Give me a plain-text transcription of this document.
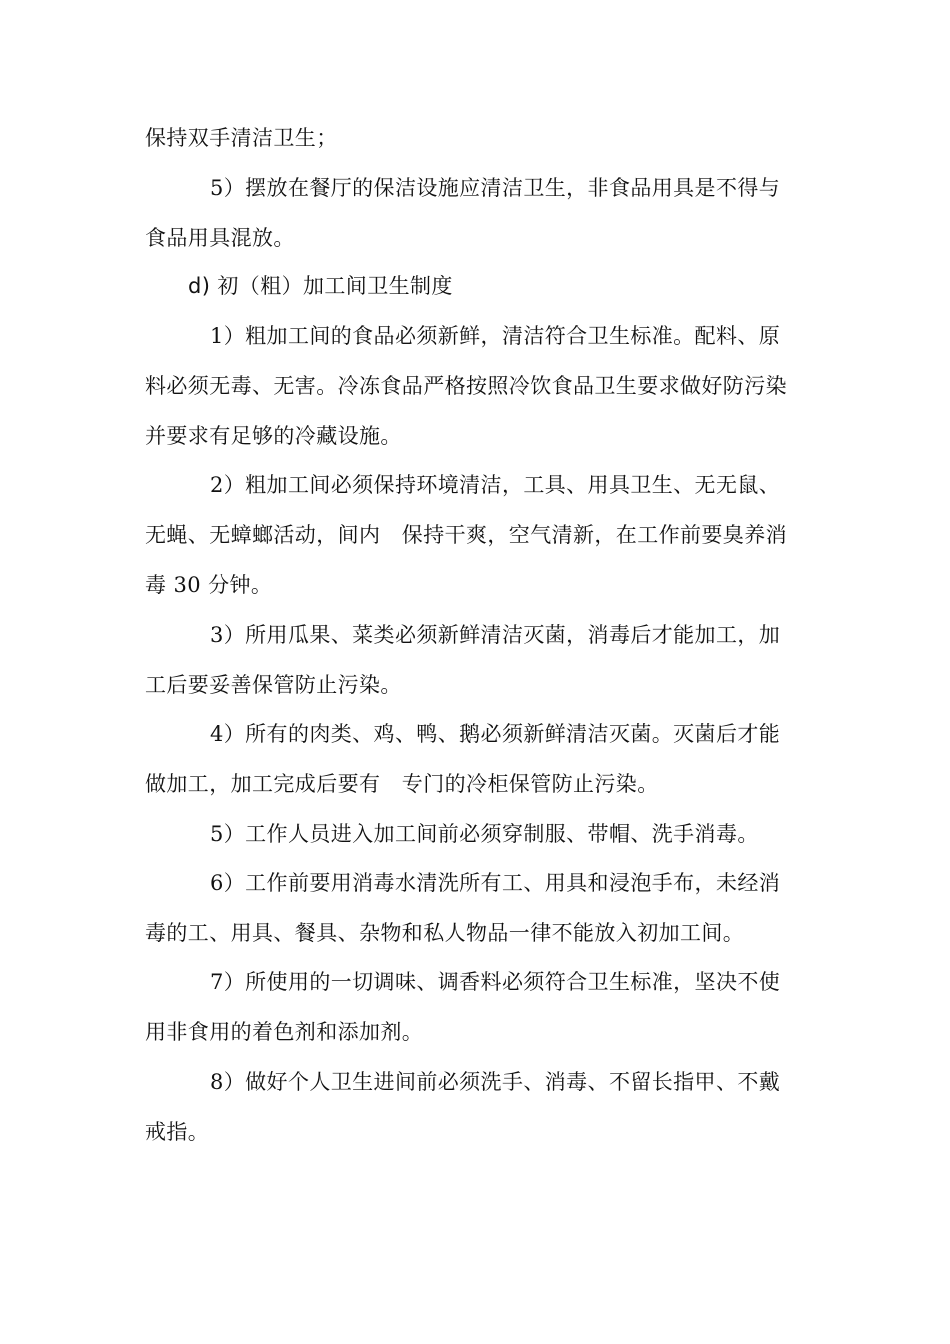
保持双手清洁卫生；
5）摆放在餐厅的保洁设施应清洁卫生，非食品用具是不得与
食品用具混放。
d) 初（粗）加工间卫生制度
1）粗加工间的食品必须新鲜，清洁符合卫生标准。配料、原
料必须无毒、无害。冷冻食品严格按照冷饮食品卫生要求做好防污染
并要求有足够的冷藏设施。
2）粗加工间必须保持环境清洁，工具、用具卫生、无无鼠、
无蝇、无蟑螂活动，间内　保持干爽，空气清新，在工作前要臭养消
毒 30 分钟。
3）所用瓜果、菜类必须新鲜清洁灭菌，消毒后才能加工，加
工后要妥善保管防止污染。
4）所有的肉类、鸡、鸭、鹅必须新鲜清洁灭菌。灭菌后才能
做加工，加工完成后要有　专门的冷柜保管防止污染。
5）工作人员进入加工间前必须穿制服、带帽、洗手消毒。
6）工作前要用消毒水清洗所有工、用具和浸泡手布，未经消
毒的工、用具、餐具、杂物和私人物品一律不能放入初加工间。
7）所使用的一切调味、调香料必须符合卫生标准，坚决不使
用非食用的着色剂和添加剂。
8）做好个人卫生进间前必须洗手、消毒、不留长指甲、不戴
戒指。
